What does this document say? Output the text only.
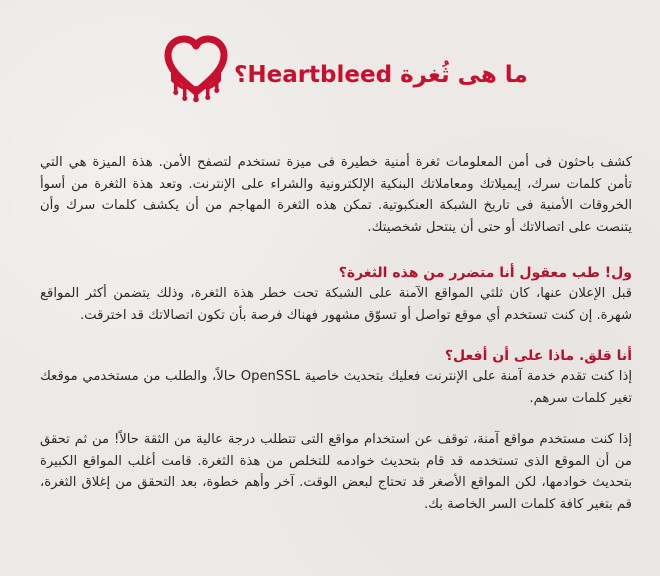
ما هى ثُغرة Heartbleed؟

كشف باحثون فى أمن المعلومات ثغرة أمنية خطيرة فى ميزة تستخدم لتصفح الأمن. هذة الميزة هي التي تأمن كلمات سرك، إيميلاتك ومعاملاتك البنكية الإلكترونية والشراء على الإنترنت. وتعد هذة الثغرة من أسوأ الخروقات الأمنية فى تاريخ الشبكة العنكبوتية. تمكن هذه الثغرة المهاجم من أن يكشف كلمات سرك وأن يتنصت على اتصالاتك أو حتى أن ينتحل شخصيتك.

ول! طب معقول أنا متضرر من هذه الثغرة؟

قبل الإعلان عنها، كان ثلثي المواقع الآمنة على الشبكة تحت خطر هذة الثغرة، وذلك يتضمن أكثر المواقع شهرة. إن كنت تستخدم أي موقع تواصل أو تسوّق مشهور فهناك فرصة بأن تكون اتصالاتك قد اخترقت.

أنا قلق. ماذا على أن أفعل؟

إذا كنت تقدم خدمة آمنة على الإنترنت فعليك بتحديث خاصية OpenSSL حالاً، والطلب من مستخدمي موقعك تغير كلمات سرهم.

إذا كنت مستخدم مواقع آمنة، توقف عن استخدام مواقع التى تتطلب درجة عالية من الثقة حالاً! من ثم تحقق من أن الموقع الذى تستخدمه قد قام بتحديث خوادمه للتخلص من هذة الثغرة. قامت أغلب المواقع الكبيرة بتحديث خوادمها، لكن المواقع الأصغر قد تحتاج لبعض الوقت. آخر وأهم خطوة، بعد التحقق من إغلاق الثغرة، قم بتغير كافة كلمات السر الخاصة بك.
